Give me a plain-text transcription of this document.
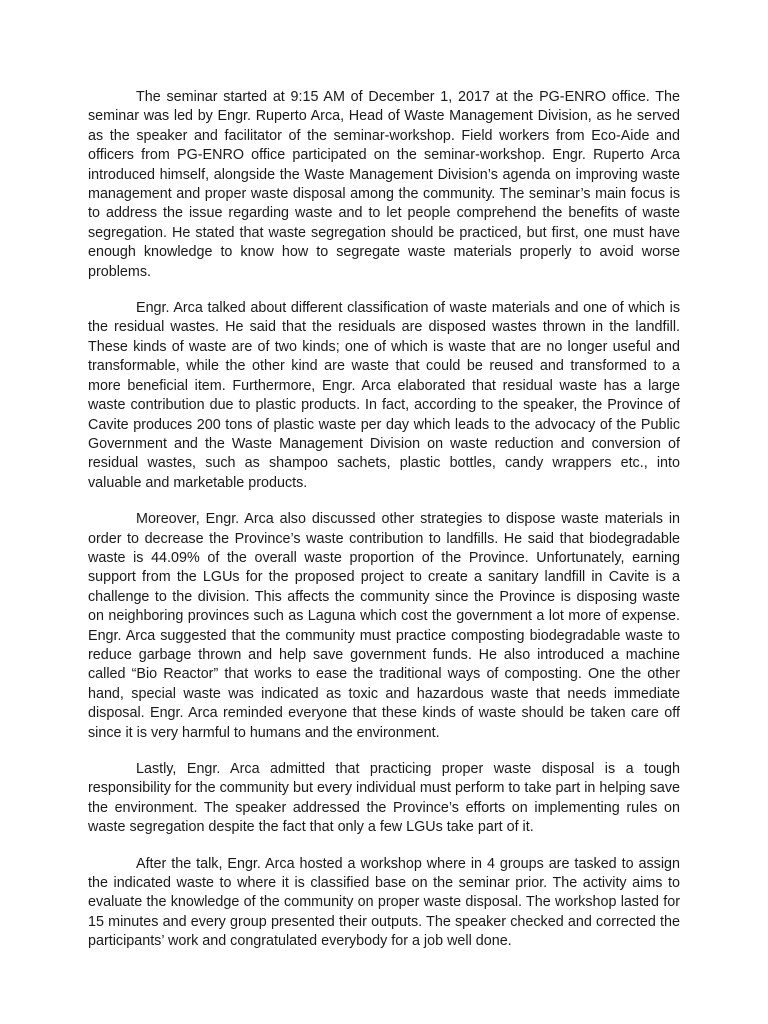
The seminar started at 9:15 AM of December 1, 2017 at the PG-ENRO office. The seminar was led by Engr. Ruperto Arca, Head of Waste Management Division, as he served as the speaker and facilitator of the seminar-workshop. Field workers from Eco-Aide and officers from PG-ENRO office participated on the seminar-workshop. Engr. Ruperto Arca introduced himself, alongside the Waste Management Division’s agenda on improving waste management and proper waste disposal among the community. The seminar’s main focus is to address the issue regarding waste and to let people comprehend the benefits of waste segregation. He stated that waste segregation should be practiced, but first, one must have enough knowledge to know how to segregate waste materials properly to avoid worse problems.

Engr. Arca talked about different classification of waste materials and one of which is the residual wastes. He said that the residuals are disposed wastes thrown in the landfill. These kinds of waste are of two kinds; one of which is waste that are no longer useful and transformable, while the other kind are waste that could be reused and transformed to a more beneficial item. Furthermore, Engr. Arca elaborated that residual waste has a large waste contribution due to plastic products. In fact, according to the speaker, the Province of Cavite produces 200 tons of plastic waste per day which leads to the advocacy of the Public Government and the Waste Management Division on waste reduction and conversion of residual wastes, such as shampoo sachets, plastic bottles, candy wrappers etc., into valuable and marketable products.

Moreover, Engr. Arca also discussed other strategies to dispose waste materials in order to decrease the Province’s waste contribution to landfills. He said that biodegradable waste is 44.09% of the overall waste proportion of the Province. Unfortunately, earning support from the LGUs for the proposed project to create a sanitary landfill in Cavite is a challenge to the division. This affects the community since the Province is disposing waste on neighboring provinces such as Laguna which cost the government a lot more of expense. Engr. Arca suggested that the community must practice composting biodegradable waste to reduce garbage thrown and help save government funds. He also introduced a machine called “Bio Reactor” that works to ease the traditional ways of composting. One the other hand, special waste was indicated as toxic and hazardous waste that needs immediate disposal. Engr. Arca reminded everyone that these kinds of waste should be taken care off since it is very harmful to humans and the environment.

Lastly, Engr. Arca admitted that practicing proper waste disposal is a tough responsibility for the community but every individual must perform to take part in helping save the environment. The speaker addressed the Province’s efforts on implementing rules on waste segregation despite the fact that only a few LGUs take part of it.

After the talk, Engr. Arca hosted a workshop where in 4 groups are tasked to assign the indicated waste to where it is classified base on the seminar prior. The activity aims to evaluate the knowledge of the community on proper waste disposal. The workshop lasted for 15 minutes and every group presented their outputs. The speaker checked and corrected the participants’ work and congratulated everybody for a job well done.
